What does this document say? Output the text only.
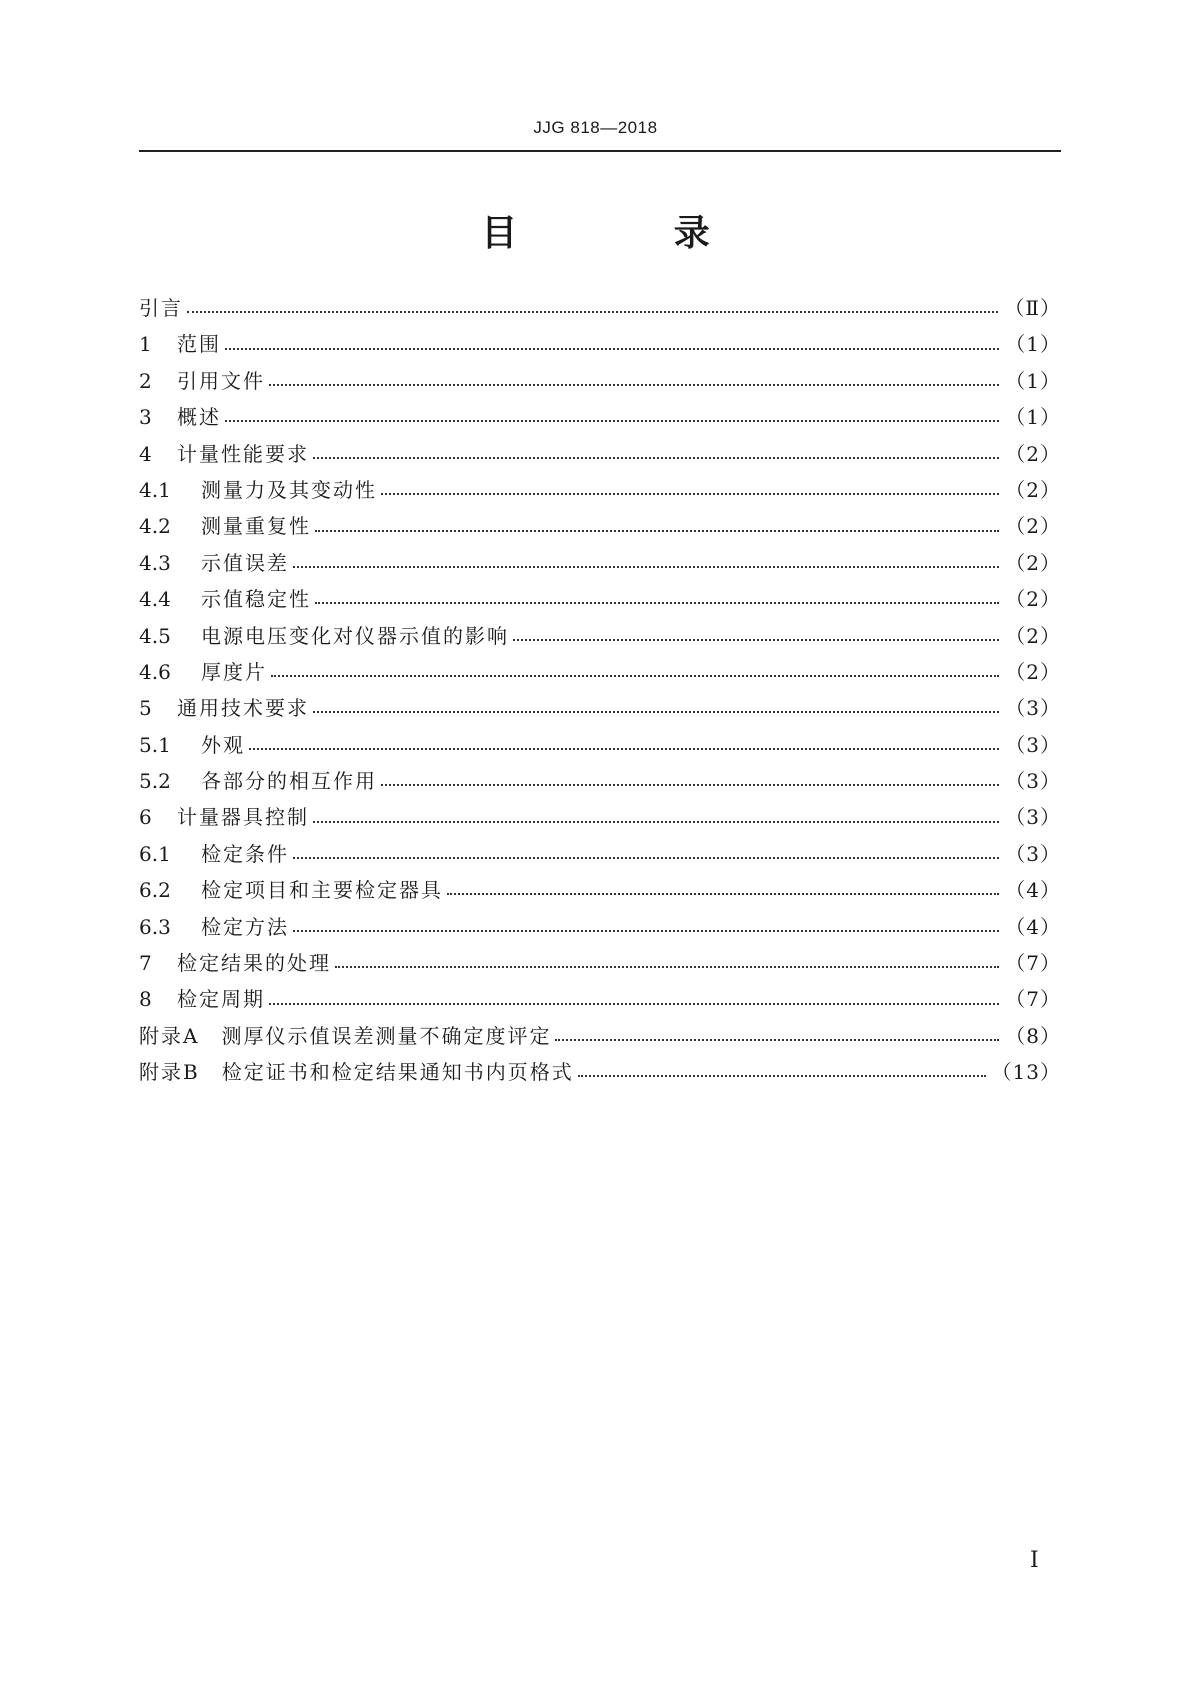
JJG 818—2018
目 录
引言	（Ⅱ）
1	范围	（1）
2	引用文件	（1）
3	概述	（1）
4	计量性能要求	（2）
4.1	测量力及其变动性	（2）
4.2	测量重复性	（2）
4.3	示值误差	（2）
4.4	示值稳定性	（2）
4.5	电源电压变化对仪器示值的影响	（2）
4.6	厚度片	（2）
5	通用技术要求	（3）
5.1	外观	（3）
5.2	各部分的相互作用	（3）
6	计量器具控制	（3）
6.1	检定条件	（3）
6.2	检定项目和主要检定器具	（4）
6.3	检定方法	（4）
7	检定结果的处理	（7）
8	检定周期	（7）
附录A　测厚仪示值误差测量不确定度评定	（8）
附录B　检定证书和检定结果通知书内页格式	（13）
Ⅰ
